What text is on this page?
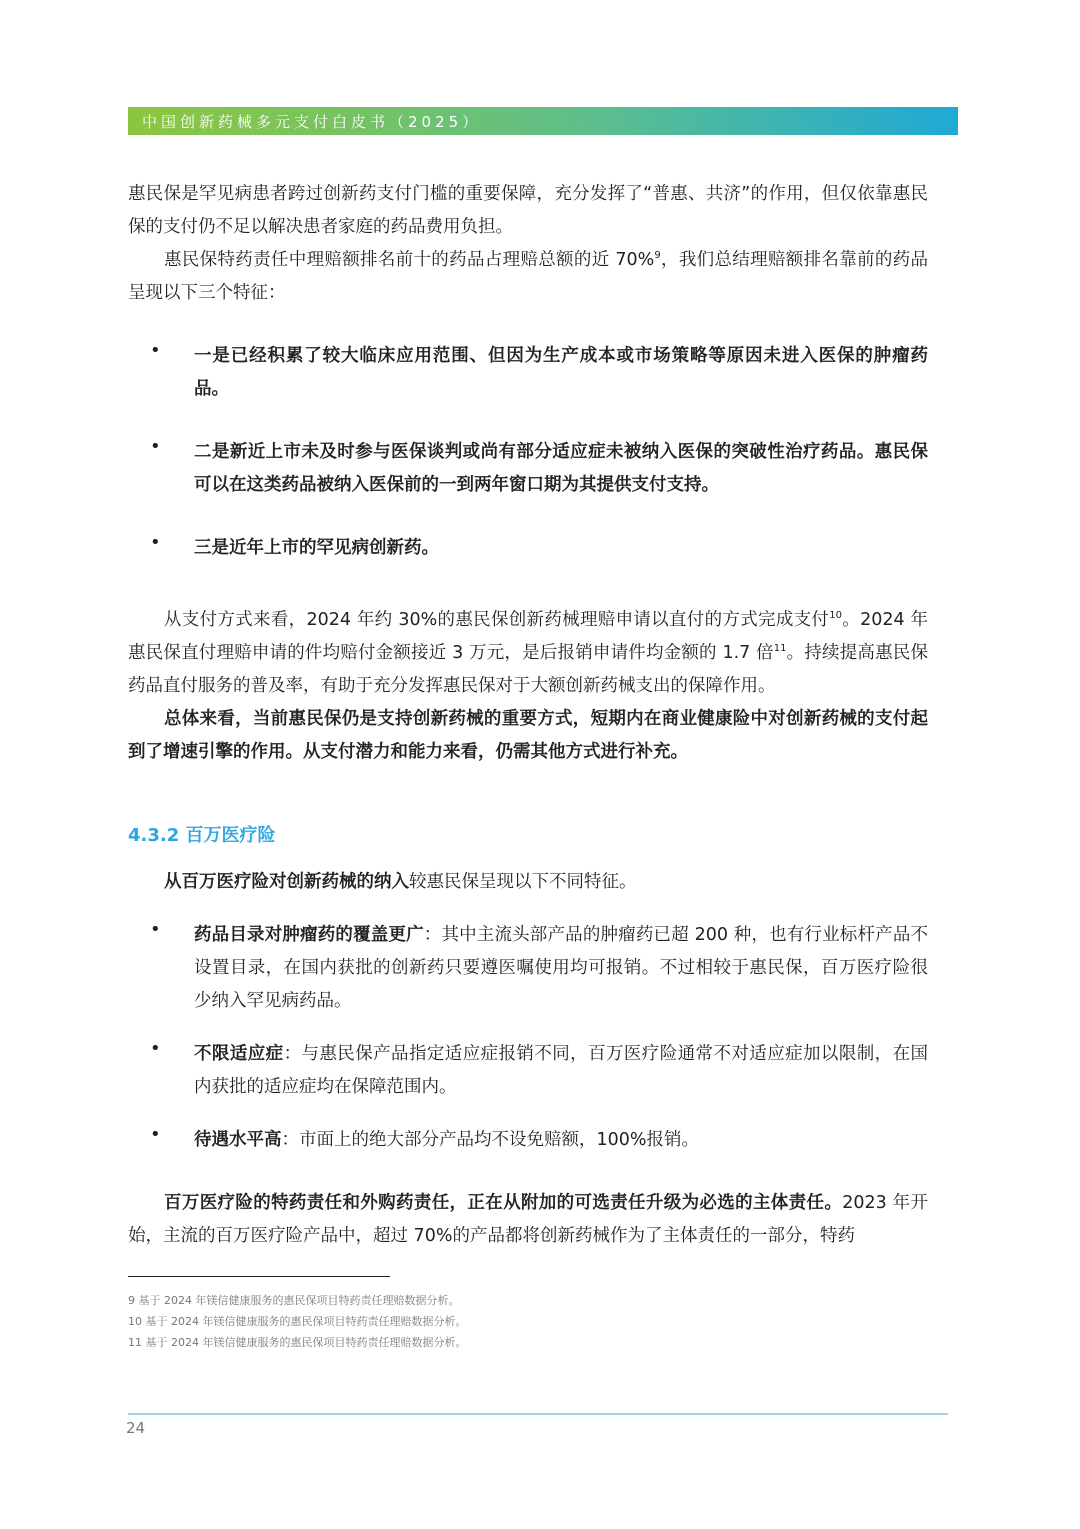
中国创新药械多元支付白皮书（2025）

惠民保是罕见病患者跨过创新药支付门槛的重要保障，充分发挥了“普惠、共济”的作用，但仅依靠惠民保的支付仍不足以解决患者家庭的药品费用负担。

惠民保特药责任中理赔额排名前十的药品占理赔总额的近 70%$^9$，我们总结理赔额排名靠前的药品呈现以下三个特征：

• 一是已经积累了较大临床应用范围、但因为生产成本或市场策略等原因未进入医保的肿瘤药品。

• 二是新近上市未及时参与医保谈判或尚有部分适应症未被纳入医保的突破性治疗药品。惠民保可以在这类药品被纳入医保前的一到两年窗口期为其提供支付支持。

• 三是近年上市的罕见病创新药。

从支付方式来看，2024 年约 30%的惠民保创新药械理赔申请以直付的方式完成支付$^{10}$。2024 年惠民保直付理赔申请的件均赔付金额接近 3 万元，是后报销申请件均金额的 1.7 倍$^{11}$。持续提高惠民保药品直付服务的普及率，有助于充分发挥惠民保对于大额创新药械支出的保障作用。

总体来看，当前惠民保仍是支持创新药械的重要方式，短期内在商业健康险中对创新药械的支付起到了增速引擎的作用。从支付潜力和能力来看，仍需其他方式进行补充。

4.3.2 百万医疗险

从百万医疗险对创新药械的纳入较惠民保呈现以下不同特征。

• 药品目录对肿瘤药的覆盖更广：其中主流头部产品的肿瘤药已超 200 种，也有行业标杆产品不设置目录，在国内获批的创新药只要遵医嘱使用均可报销。不过相较于惠民保，百万医疗险很少纳入罕见病药品。

• 不限适应症：与惠民保产品指定适应症报销不同，百万医疗险通常不对适应症加以限制，在国内获批的适应症均在保障范围内。

• 待遇水平高：市面上的绝大部分产品均不设免赔额，100%报销。

百万医疗险的特药责任和外购药责任，正在从附加的可选责任升级为必选的主体责任。2023 年开始，主流的百万医疗险产品中，超过 70%的产品都将创新药械作为了主体责任的一部分，特药

9 基于 2024 年镁信健康服务的惠民保项目特药责任理赔数据分析。
10 基于 2024 年镁信健康服务的惠民保项目特药责任理赔数据分析。
11 基于 2024 年镁信健康服务的惠民保项目特药责任理赔数据分析。
24
